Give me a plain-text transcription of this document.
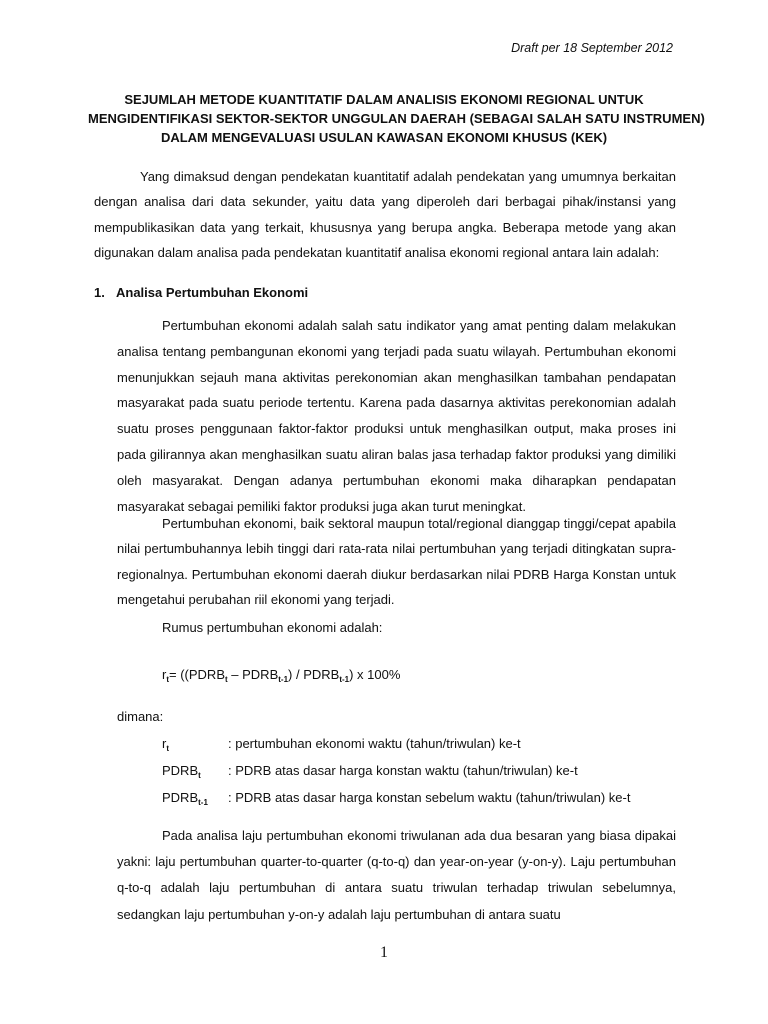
Draft per 18 September 2012
SEJUMLAH METODE KUANTITATIF DALAM ANALISIS EKONOMI REGIONAL UNTUK
MENGIDENTIFIKASI SEKTOR-SEKTOR UNGGULAN DAERAH (SEBAGAI SALAH SATU INSTRUMEN)
DALAM MENGEVALUASI USULAN KAWASAN EKONOMI KHUSUS (KEK)

Yang dimaksud dengan pendekatan kuantitatif adalah pendekatan yang umumnya berkaitan dengan analisa dari data sekunder, yaitu data yang diperoleh dari berbagai pihak/instansi yang mempublikasikan data yang terkait, khususnya yang berupa angka. Beberapa metode yang akan digunakan dalam analisa pada pendekatan kuantitatif analisa ekonomi regional antara lain adalah:

1. Analisa Pertumbuhan Ekonomi

Pertumbuhan ekonomi adalah salah satu indikator yang amat penting dalam melakukan analisa tentang pembangunan ekonomi yang terjadi pada suatu wilayah. Pertumbuhan ekonomi menunjukkan sejauh mana aktivitas perekonomian akan menghasilkan tambahan pendapatan masyarakat pada suatu periode tertentu. Karena pada dasarnya aktivitas perekonomian adalah suatu proses penggunaan faktor-faktor produksi untuk menghasilkan output, maka proses ini pada gilirannya akan menghasilkan suatu aliran balas jasa terhadap faktor produksi yang dimiliki oleh masyarakat. Dengan adanya pertumbuhan ekonomi maka diharapkan pendapatan masyarakat sebagai pemiliki faktor produksi juga akan turut meningkat.

Pertumbuhan ekonomi, baik sektoral maupun total/regional dianggap tinggi/cepat apabila nilai pertumbuhannya lebih tinggi dari rata-rata nilai pertumbuhan yang terjadi ditingkatan supra-regionalnya. Pertumbuhan ekonomi daerah diukur berdasarkan nilai PDRB Harga Konstan untuk mengetahui perubahan riil ekonomi yang terjadi.

Rumus pertumbuhan ekonomi adalah:
$r_t=$ (($PDRB_t$ – $PDRB_{t-1}$) / $PDRB_{t-1}$) x 100%
dimana:
$r_t$	: pertumbuhan ekonomi waktu (tahun/triwulan) ke-t
$PDRB_t$ : PDRB atas dasar harga konstan waktu (tahun/triwulan) ke-t
$PDRB_{t-1}$ : PDRB atas dasar harga konstan sebelum waktu (tahun/triwulan) ke-t

Pada analisa laju pertumbuhan ekonomi triwulanan ada dua besaran yang biasa dipakai yakni: laju pertumbuhan quarter-to-quarter (q-to-q) dan year-on-year (y-on-y). Laju pertumbuhan q-to-q adalah laju pertumbuhan di antara suatu triwulan terhadap triwulan sebelumnya, sedangkan laju pertumbuhan y-on-y adalah laju pertumbuhan di antara suatu

1
